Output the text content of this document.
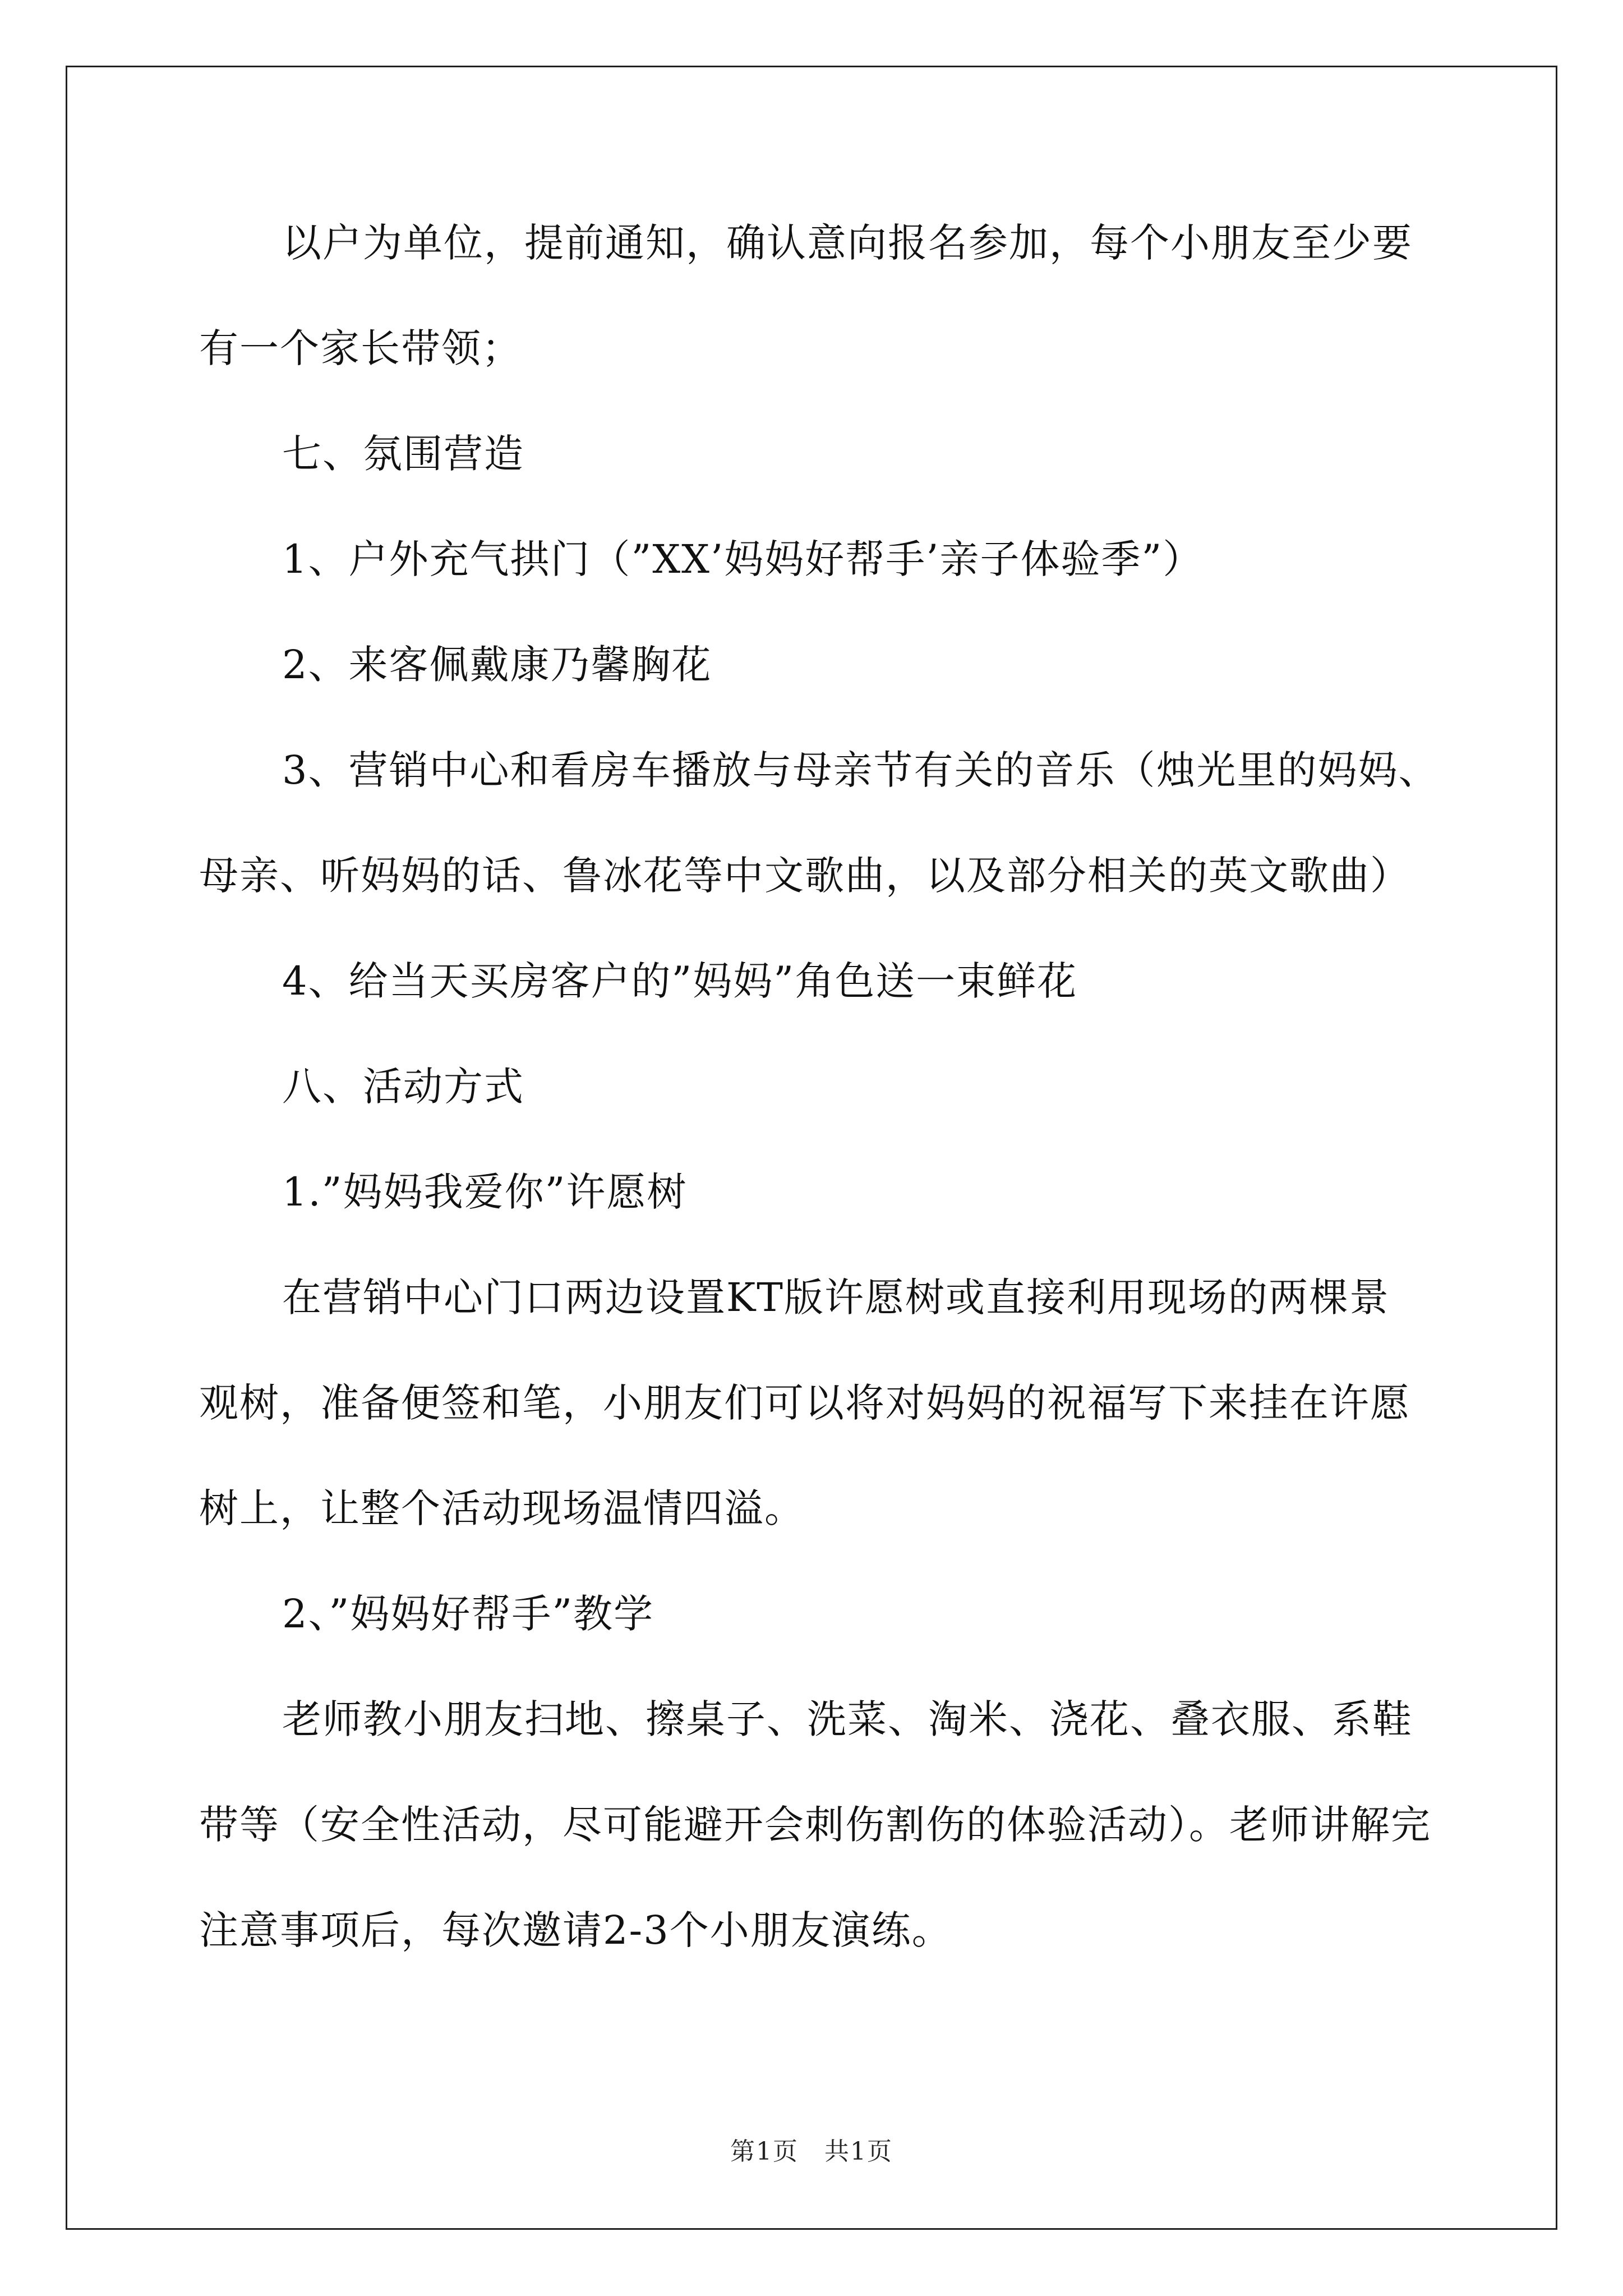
以户为单位，提前通知，确认意向报名参加，每个小朋友至少要
有一个家长带领；
七、氛围营造
1、户外充气拱门（”XX’妈妈好帮手’亲子体验季”）
2、来客佩戴康乃馨胸花
3、营销中心和看房车播放与母亲节有关的音乐（烛光里的妈妈、
母亲、听妈妈的话、鲁冰花等中文歌曲，以及部分相关的英文歌曲）
4、给当天买房客户的”妈妈”角色送一束鲜花
八、活动方式
1.”妈妈我爱你”许愿树
在营销中心门口两边设置KT版许愿树或直接利用现场的两棵景
观树，准备便签和笔，小朋友们可以将对妈妈的祝福写下来挂在许愿
树上，让整个活动现场温情四溢。
2、”妈妈好帮手”教学
老师教小朋友扫地、擦桌子、洗菜、淘米、浇花、叠衣服、系鞋
带等（安全性活动，尽可能避开会刺伤割伤的体验活动）。老师讲解完
注意事项后，每次邀请2-3个小朋友演练。
第1页　共1页
